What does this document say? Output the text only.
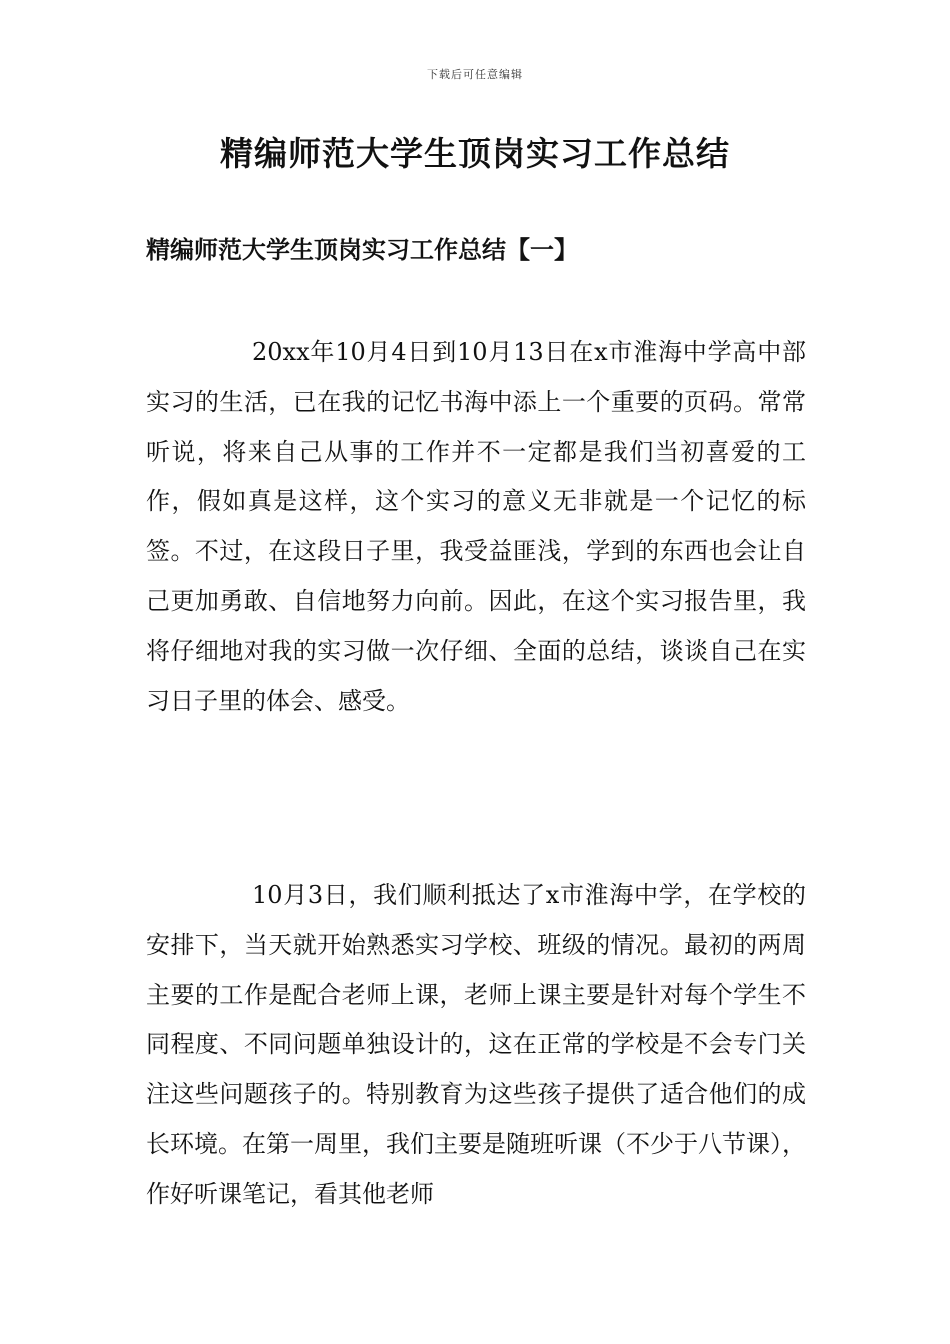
下载后可任意编辑
精编师范大学生顶岗实习工作总结
精编师范大学生顶岗实习工作总结【一】

20xx年10月4日到10月13日在x市淮海中学高中部实习的生活，已在我的记忆书海中添上一个重要的页码。常常听说，将来自己从事的工作并不一定都是我们当初喜爱的工作，假如真是这样，这个实习的意义无非就是一个记忆的标签。不过，在这段日子里，我受益匪浅，学到的东西也会让自己更加勇敢、自信地努力向前。因此，在这个实习报告里，我将仔细地对我的实习做一次仔细、全面的总结，谈谈自己在实习日子里的体会、感受。

10月3日，我们顺利抵达了x市淮海中学，在学校的安排下，当天就开始熟悉实习学校、班级的情况。最初的两周主要的工作是配合老师上课，老师上课主要是针对每个学生不同程度、不同问题单独设计的，这在正常的学校是不会专门关注这些问题孩子的。特别教育为这些孩子提供了适合他们的成长环境。在第一周里，我们主要是随班听课（不少于八节课），作好听课笔记，看其他老师
